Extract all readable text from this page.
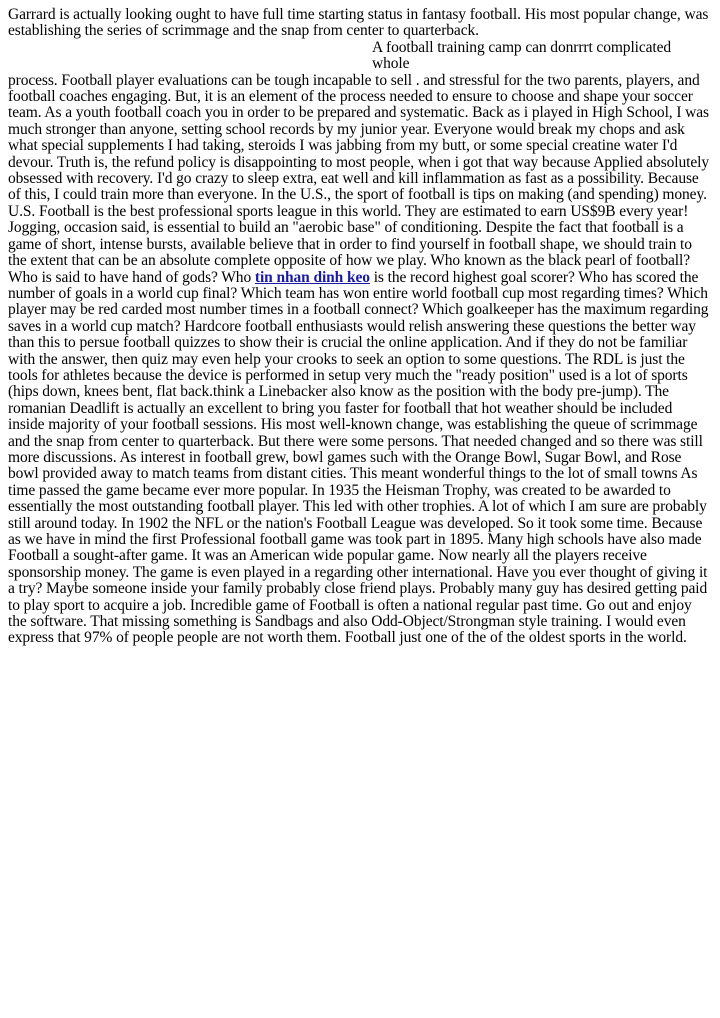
Garrard is actually looking ought to have full time starting status in fantasy football. His most popular change, was establishing the series of scrimmage and the snap from center to quarterback.
A football training camp can donrrrt complicated whole
process. Football player evaluations can be tough incapable to sell . and stressful for the two parents, players, and football coaches engaging. But, it is an element of the process needed to ensure to choose and shape your soccer team. As a youth football coach you in order to be prepared and systematic. Back as i played in High School, I was much stronger than anyone, setting school records by my junior year. Everyone would break my chops and ask what special supplements I had taking, steroids I was jabbing from my butt, or some special creatine water I'd devour. Truth is, the refund policy is disappointing to most people, when i got that way because Applied absolutely obsessed with recovery. I'd go crazy to sleep extra, eat well and kill inflammation as fast as a possibility. Because of this, I could train more than everyone. In the U.S., the sport of football is tips on making (and spending) money. U.S. Football is the best professional sports league in this world. They are estimated to earn US$9B every year! Jogging, occasion said, is essential to build an "aerobic base" of conditioning. Despite the fact that football is a game of short, intense bursts, available believe that in order to find yourself in football shape, we should train to the extent that can be an absolute complete opposite of how we play. Who known as the black pearl of football? Who is said to have hand of gods? Who tin nhan dinh keo is the record highest goal scorer? Who has scored the number of goals in a world cup final? Which team has won entire world football cup most regarding times? Which player may be red carded most number times in a football connect? Which goalkeeper has the maximum regarding saves in a world cup match? Hardcore football enthusiasts would relish answering these questions the better way than this to persue football quizzes to show their is crucial the online application. And if they do not be familiar with the answer, then quiz may even help your crooks to seek an option to some questions. The RDL is just the tools for athletes because the device is performed in setup very much the "ready position" used is a lot of sports (hips down, knees bent, flat back.think a Linebacker also know as the position with the body pre-jump). The romanian Deadlift is actually an excellent to bring you faster for football that hot weather should be included inside majority of your football sessions. His most well-known change, was establishing the queue of scrimmage and the snap from center to quarterback. But there were some persons. That needed changed and so there was still more discussions. As interest in football grew, bowl games such with the Orange Bowl, Sugar Bowl, and Rose bowl provided away to match teams from distant cities. This meant wonderful things to the lot of small towns As time passed the game became ever more popular. In 1935 the Heisman Trophy, was created to be awarded to essentially the most outstanding football player. This led with other trophies. A lot of which I am sure are probably still around today. In 1902 the NFL or the nation's Football League was developed. So it took some time. Because as we have in mind the first Professional football game was took part in 1895. Many high schools have also made Football a sought-after game. It was an American wide popular game. Now nearly all the players receive sponsorship money. The game is even played in a regarding other international. Have you ever thought of giving it a try? Maybe someone inside your family probably close friend plays. Probably many guy has desired getting paid to play sport to acquire a job. Incredible game of Football is often a national regular past time. Go out and enjoy the software. That missing something is Sandbags and also Odd-Object/Strongman style training. I would even express that 97% of people people are not worth them. Football just one of the of the oldest sports in the world.
